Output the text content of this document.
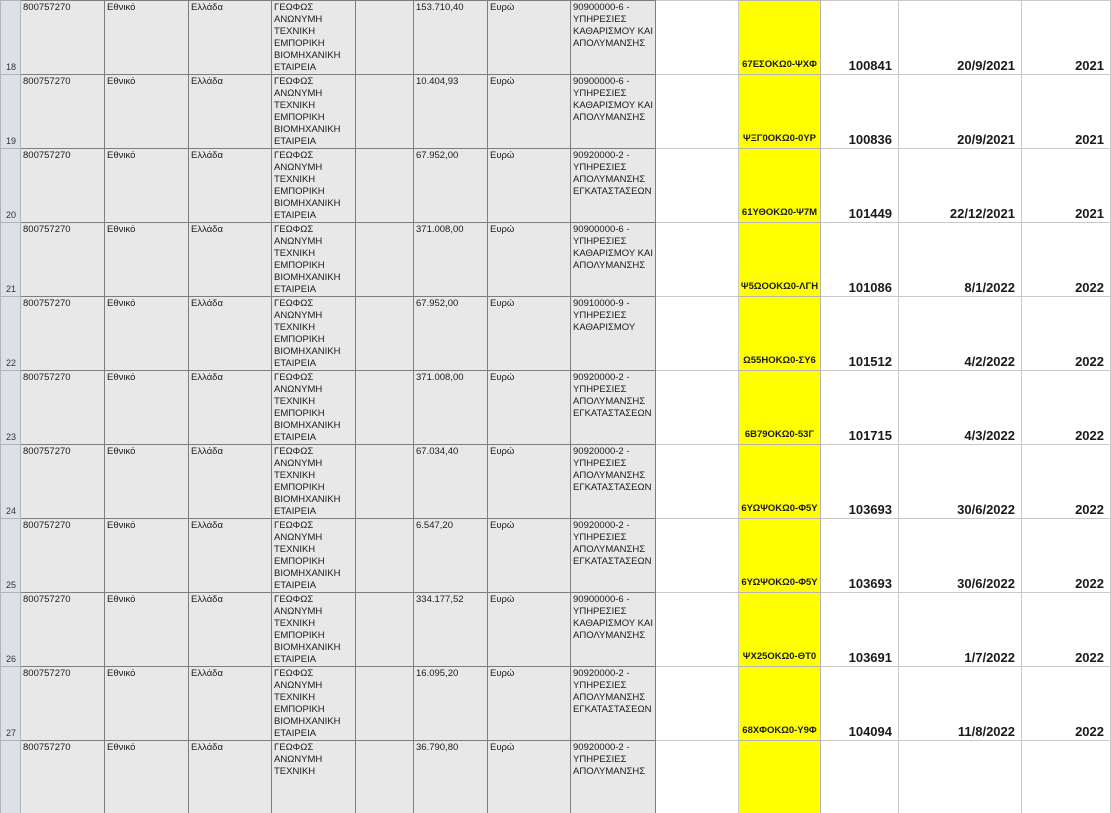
18	800757270	Εθνικό	Ελλάδα	ΓΕΩΦΩΣ ΑΝΩΝΥΜΗ ΤΕΧΝΙΚΗ ΕΜΠΟΡΙΚΗ ΒΙΟΜΗΧΑΝΙΚΗ ΕΤΑΙΡΕΙΑ		153.710,40	Ευρώ	90900000-6 - ΥΠΗΡΕΣΙΕΣ ΚΑΘΑΡΙΣΜΟΥ ΚΑΙ ΑΠΟΛΥΜΑΝΣΗΣ		67ΕΣΟΚΩ0-ΨΧΦ	100841	20/9/2021	2021
19	800757270	Εθνικό	Ελλάδα	ΓΕΩΦΩΣ ΑΝΩΝΥΜΗ ΤΕΧΝΙΚΗ ΕΜΠΟΡΙΚΗ ΒΙΟΜΗΧΑΝΙΚΗ ΕΤΑΙΡΕΙΑ		10.404,93	Ευρώ	90900000-6 - ΥΠΗΡΕΣΙΕΣ ΚΑΘΑΡΙΣΜΟΥ ΚΑΙ ΑΠΟΛΥΜΑΝΣΗΣ		ΨΞΓ0ΟΚΩ0-0ΥΡ	100836	20/9/2021	2021
20	800757270	Εθνικό	Ελλάδα	ΓΕΩΦΩΣ ΑΝΩΝΥΜΗ ΤΕΧΝΙΚΗ ΕΜΠΟΡΙΚΗ ΒΙΟΜΗΧΑΝΙΚΗ ΕΤΑΙΡΕΙΑ		67.952,00	Ευρώ	90920000-2 - ΥΠΗΡΕΣΙΕΣ ΑΠΟΛΥΜΑΝΣΗΣ ΕΓΚΑΤΑΣΤΑΣΕΩΝ		61ΥΘΟΚΩ0-Ψ7Μ	101449	22/12/2021	2021
21	800757270	Εθνικό	Ελλάδα	ΓΕΩΦΩΣ ΑΝΩΝΥΜΗ ΤΕΧΝΙΚΗ ΕΜΠΟΡΙΚΗ ΒΙΟΜΗΧΑΝΙΚΗ ΕΤΑΙΡΕΙΑ		371.008,00	Ευρώ	90900000-6 - ΥΠΗΡΕΣΙΕΣ ΚΑΘΑΡΙΣΜΟΥ ΚΑΙ ΑΠΟΛΥΜΑΝΣΗΣ		Ψ5ΩΟΟΚΩ0-ΛΓΗ	101086	8/1/2022	2022
22	800757270	Εθνικό	Ελλάδα	ΓΕΩΦΩΣ ΑΝΩΝΥΜΗ ΤΕΧΝΙΚΗ ΕΜΠΟΡΙΚΗ ΒΙΟΜΗΧΑΝΙΚΗ ΕΤΑΙΡΕΙΑ		67.952,00	Ευρώ	90910000-9 - ΥΠΗΡΕΣΙΕΣ ΚΑΘΑΡΙΣΜΟΥ		Ω55ΗΟΚΩ0-ΣΥ6	101512	4/2/2022	2022
23	800757270	Εθνικό	Ελλάδα	ΓΕΩΦΩΣ ΑΝΩΝΥΜΗ ΤΕΧΝΙΚΗ ΕΜΠΟΡΙΚΗ ΒΙΟΜΗΧΑΝΙΚΗ ΕΤΑΙΡΕΙΑ		371.008,00	Ευρώ	90920000-2 - ΥΠΗΡΕΣΙΕΣ ΑΠΟΛΥΜΑΝΣΗΣ ΕΓΚΑΤΑΣΤΑΣΕΩΝ		6Β79ΟΚΩ0-53Γ	101715	4/3/2022	2022
24	800757270	Εθνικό	Ελλάδα	ΓΕΩΦΩΣ ΑΝΩΝΥΜΗ ΤΕΧΝΙΚΗ ΕΜΠΟΡΙΚΗ ΒΙΟΜΗΧΑΝΙΚΗ ΕΤΑΙΡΕΙΑ		67.034,40	Ευρώ	90920000-2 - ΥΠΗΡΕΣΙΕΣ ΑΠΟΛΥΜΑΝΣΗΣ ΕΓΚΑΤΑΣΤΑΣΕΩΝ		6ΥΩΨΟΚΩ0-Φ5Υ	103693	30/6/2022	2022
25	800757270	Εθνικό	Ελλάδα	ΓΕΩΦΩΣ ΑΝΩΝΥΜΗ ΤΕΧΝΙΚΗ ΕΜΠΟΡΙΚΗ ΒΙΟΜΗΧΑΝΙΚΗ ΕΤΑΙΡΕΙΑ		6.547,20	Ευρώ	90920000-2 - ΥΠΗΡΕΣΙΕΣ ΑΠΟΛΥΜΑΝΣΗΣ ΕΓΚΑΤΑΣΤΑΣΕΩΝ		6ΥΩΨΟΚΩ0-Φ5Υ	103693	30/6/2022	2022
26	800757270	Εθνικό	Ελλάδα	ΓΕΩΦΩΣ ΑΝΩΝΥΜΗ ΤΕΧΝΙΚΗ ΕΜΠΟΡΙΚΗ ΒΙΟΜΗΧΑΝΙΚΗ ΕΤΑΙΡΕΙΑ		334.177,52	Ευρώ	90900000-6 - ΥΠΗΡΕΣΙΕΣ ΚΑΘΑΡΙΣΜΟΥ ΚΑΙ ΑΠΟΛΥΜΑΝΣΗΣ		ΨΧ25ΟΚΩ0-ΘΤ0	103691	1/7/2022	2022
27	800757270	Εθνικό	Ελλάδα	ΓΕΩΦΩΣ ΑΝΩΝΥΜΗ ΤΕΧΝΙΚΗ ΕΜΠΟΡΙΚΗ ΒΙΟΜΗΧΑΝΙΚΗ ΕΤΑΙΡΕΙΑ		16.095,20	Ευρώ	90920000-2 - ΥΠΗΡΕΣΙΕΣ ΑΠΟΛΥΜΑΝΣΗΣ ΕΓΚΑΤΑΣΤΑΣΕΩΝ		68ΧΦΟΚΩ0-Υ9Φ	104094	11/8/2022	2022
	800757270	Εθνικό	Ελλάδα	ΓΕΩΦΩΣ ΑΝΩΝΥΜΗ ΤΕΧΝΙΚΗ		36.790,80	Ευρώ	90920000-2 - ΥΠΗΡΕΣΙΕΣ ΑΠΟΛΥΜΑΝΣΗΣ					
